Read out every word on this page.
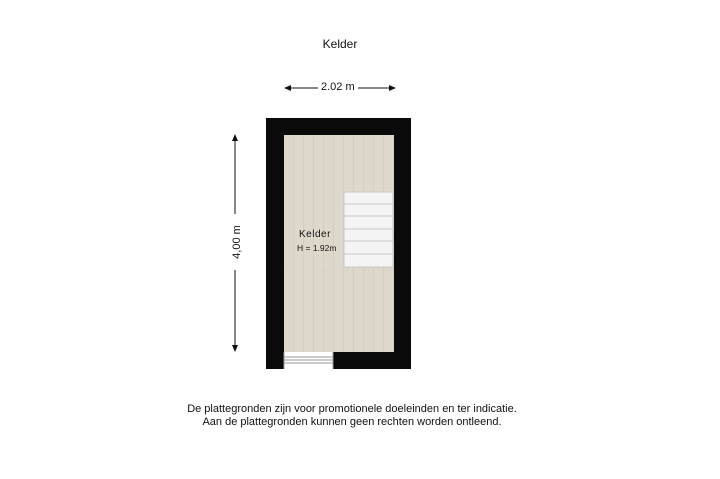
Kelder
2.02 m
4,00 m	Kelder
H = 1.92m
De plattegronden zijn voor promotionele doeleinden en ter indicatie.
Aan de plattegronden kunnen geen rechten worden ontleend.
